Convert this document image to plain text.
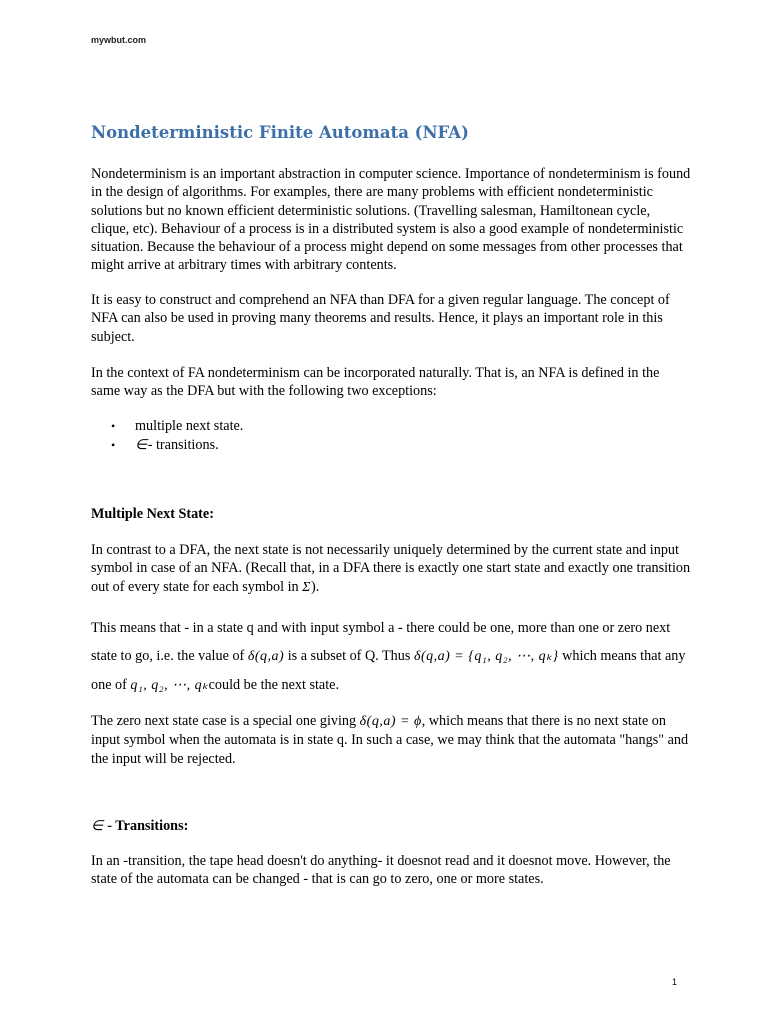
mywbut.com
Nondeterministic Finite Automata (NFA)

Nondeterminism is an important abstraction in computer science. Importance of nondeterminism is found in the design of algorithms. For examples, there are many problems with efficient nondeterministic solutions but no known efficient deterministic solutions. (Travelling salesman, Hamiltonean cycle, clique, etc). Behaviour of a process is in a distributed system is also a good example of nondeterministic situation. Because the behaviour of a process might depend on some messages from other processes that might arrive at arbitrary times with arbitrary contents.

It is easy to construct and comprehend an NFA than DFA for a given regular language. The concept of NFA can also be used in proving many theorems and results. Hence, it plays an important role in this subject.

In the context of FA nondeterminism can be incorporated naturally. That is, an NFA is defined in the same way as the DFA but with the following two exceptions:

• multiple next state.
• ∈- transitions.
Multiple Next State:

In contrast to a DFA, the next state is not necessarily uniquely determined by the current state and input symbol in case of an NFA. (Recall that, in a DFA there is exactly one start state and exactly one transition out of every state for each symbol in Σ).

This means that - in a state q and with input symbol a - there could be one, more than one or zero next state to go, i.e. the value of δ(q,a) is a subset of Q. Thus δ(q,a) = {q₁, q₂, ⋯, qₖ} which means that any one of q₁, q₂, ⋯, qₖcould be the next state.

The zero next state case is a special one giving δ(q,a) = ϕ, which means that there is no next state on input symbol when the automata is in state q. In such a case, we may think that the automata "hangs" and the input will be rejected.

∈ - Transitions:

In an -transition, the tape head doesn't do anything- it doesnot read and it doesnot move. However, the state of the automata can be changed - that is can go to zero, one or more states.

1
